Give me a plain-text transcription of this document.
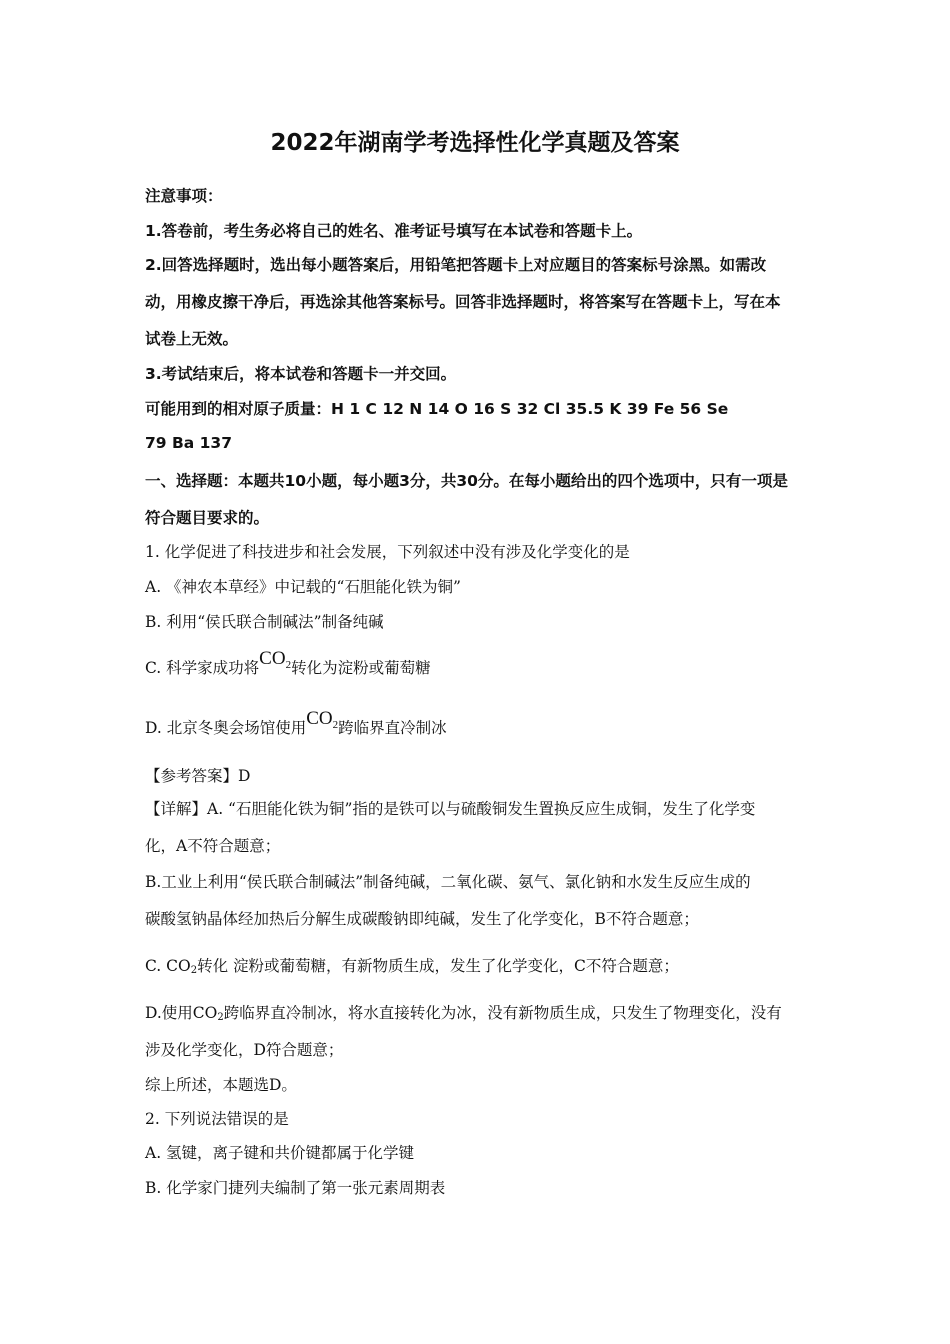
2022年湖南学考选择性化学真题及答案
注意事项：
1.答卷前，考生务必将自己的姓名、准考证号填写在本试卷和答题卡上。
2.回答选择题时，选出每小题答案后，用铅笔把答题卡上对应题目的答案标号涂黑。如需改
动，用橡皮擦干净后，再选涂其他答案标号。回答非选择题时，将答案写在答题卡上，写在本
试卷上无效。
3.考试结束后，将本试卷和答题卡一并交回。
可能用到的相对原子质量：H 1 C 12 N 14 O 16 S 32 Cl 35.5 K 39 Fe 56 Se
79 Ba 137
一、选择题：本题共10小题，每小题3分，共30分。在每小题给出的四个选项中，只有一项是
符合题目要求的。
1. 化学促进了科技进步和社会发展，下列叙述中没有涉及化学变化的是
A. 《神农本草经》中记载的“石胆能化铁为铜”
B. 利用“侯氏联合制碱法”制备纯碱
C. 科学家成功将$CO_2$转化为淀粉或葡萄糖
D. 北京冬奥会场馆使用$CO_2$跨临界直冷制冰
【参考答案】D
【详解】A. “石胆能化铁为铜”指的是铁可以与硫酸铜发生置换反应生成铜，发生了化学变
化，A不符合题意；
B.工业上利用“侯氏联合制碱法”制备纯碱，二氧化碳、氨气、氯化钠和水发生反应生成的
碳酸氢钠晶体经加热后分解生成碳酸钠即纯碱，发生了化学变化，B不符合题意；
C. CO2转化 淀粉或葡萄糖，有新物质生成，发生了化学变化，C不符合题意；
D.使用CO2跨临界直冷制冰，将水直接转化为冰，没有新物质生成，只发生了物理变化，没有
涉及化学变化，D符合题意；
综上所述，本题选D。
2. 下列说法错误的是
A. 氢键，离子键和共价键都属于化学键
B. 化学家门捷列夫编制了第一张元素周期表
